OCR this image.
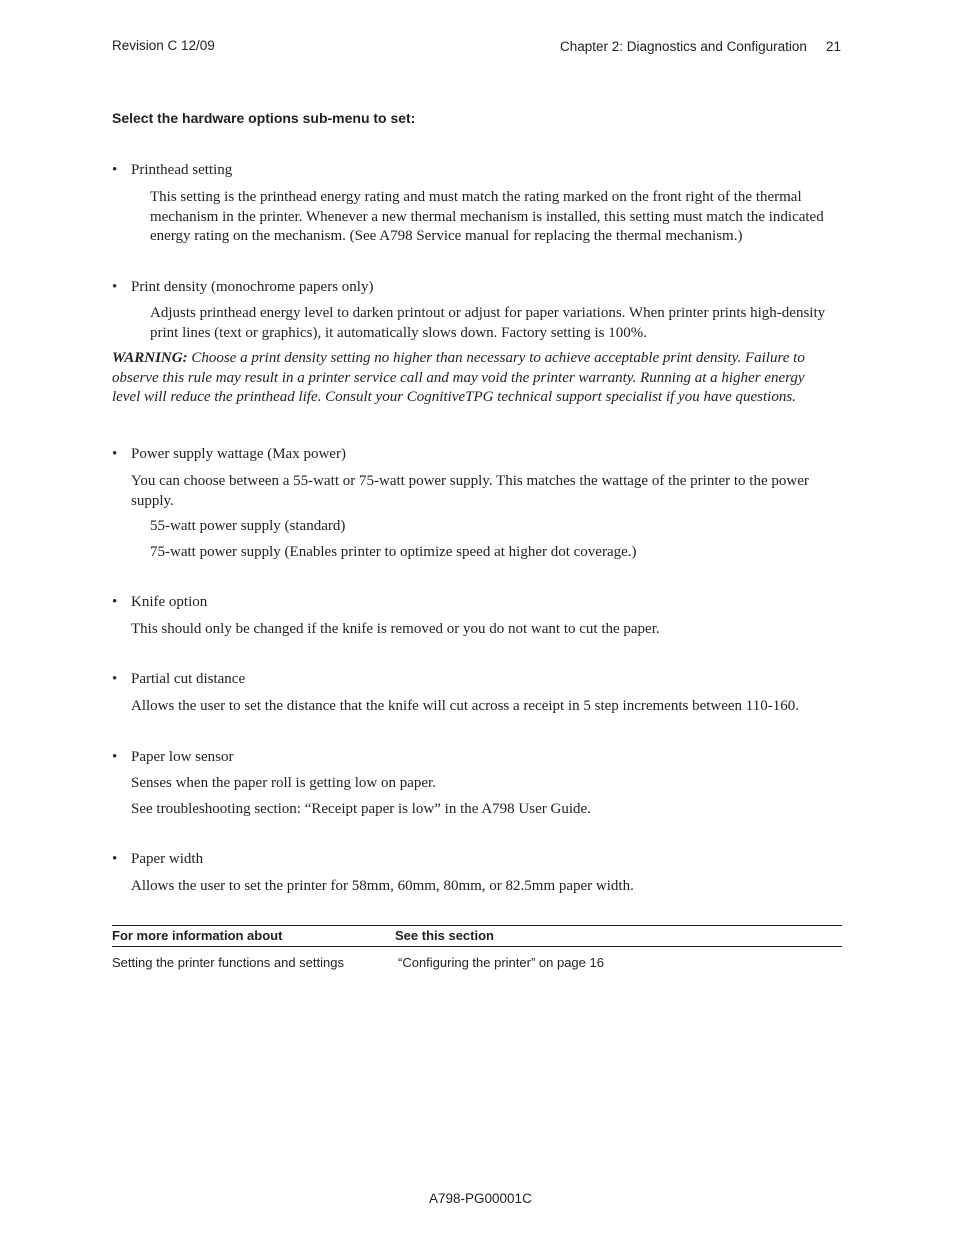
Revision C 12/09	Chapter 2: Diagnostics and Configuration 21
Select the hardware options sub-menu to set:
• Printhead setting
This setting is the printhead energy rating and must match the rating marked on the front right of the thermal mechanism in the printer. Whenever a new thermal mechanism is installed, this setting must match the indicated energy rating on the mechanism. (See A798 Service manual for replacing the thermal mechanism.)
• Print density (monochrome papers only)
Adjusts printhead energy level to darken printout or adjust for paper variations. When printer prints high-density print lines (text or graphics), it automatically slows down. Factory setting is 100%.
WARNING: Choose a print density setting no higher than necessary to achieve acceptable print density. Failure to observe this rule may result in a printer service call and may void the printer warranty. Running at a higher energy level will reduce the printhead life. Consult your CognitiveTPG technical support specialist if you have questions.
• Power supply wattage (Max power)
You can choose between a 55-watt or 75-watt power supply. This matches the wattage of the printer to the power supply.
55-watt power supply (standard)
75-watt power supply (Enables printer to optimize speed at higher dot coverage.)
• Knife option
This should only be changed if the knife is removed or you do not want to cut the paper.
• Partial cut distance
Allows the user to set the distance that the knife will cut across a receipt in 5 step increments between 110-160.
• Paper low sensor
Senses when the paper roll is getting low on paper.
See troubleshooting section: “Receipt paper is low” in the A798 User Guide.
• Paper width
Allows the user to set the printer for 58mm, 60mm, 80mm, or 82.5mm paper width.
For more information about	See this section
Setting the printer functions and settings	“Configuring the printer” on page 16
A798-PG00001C
